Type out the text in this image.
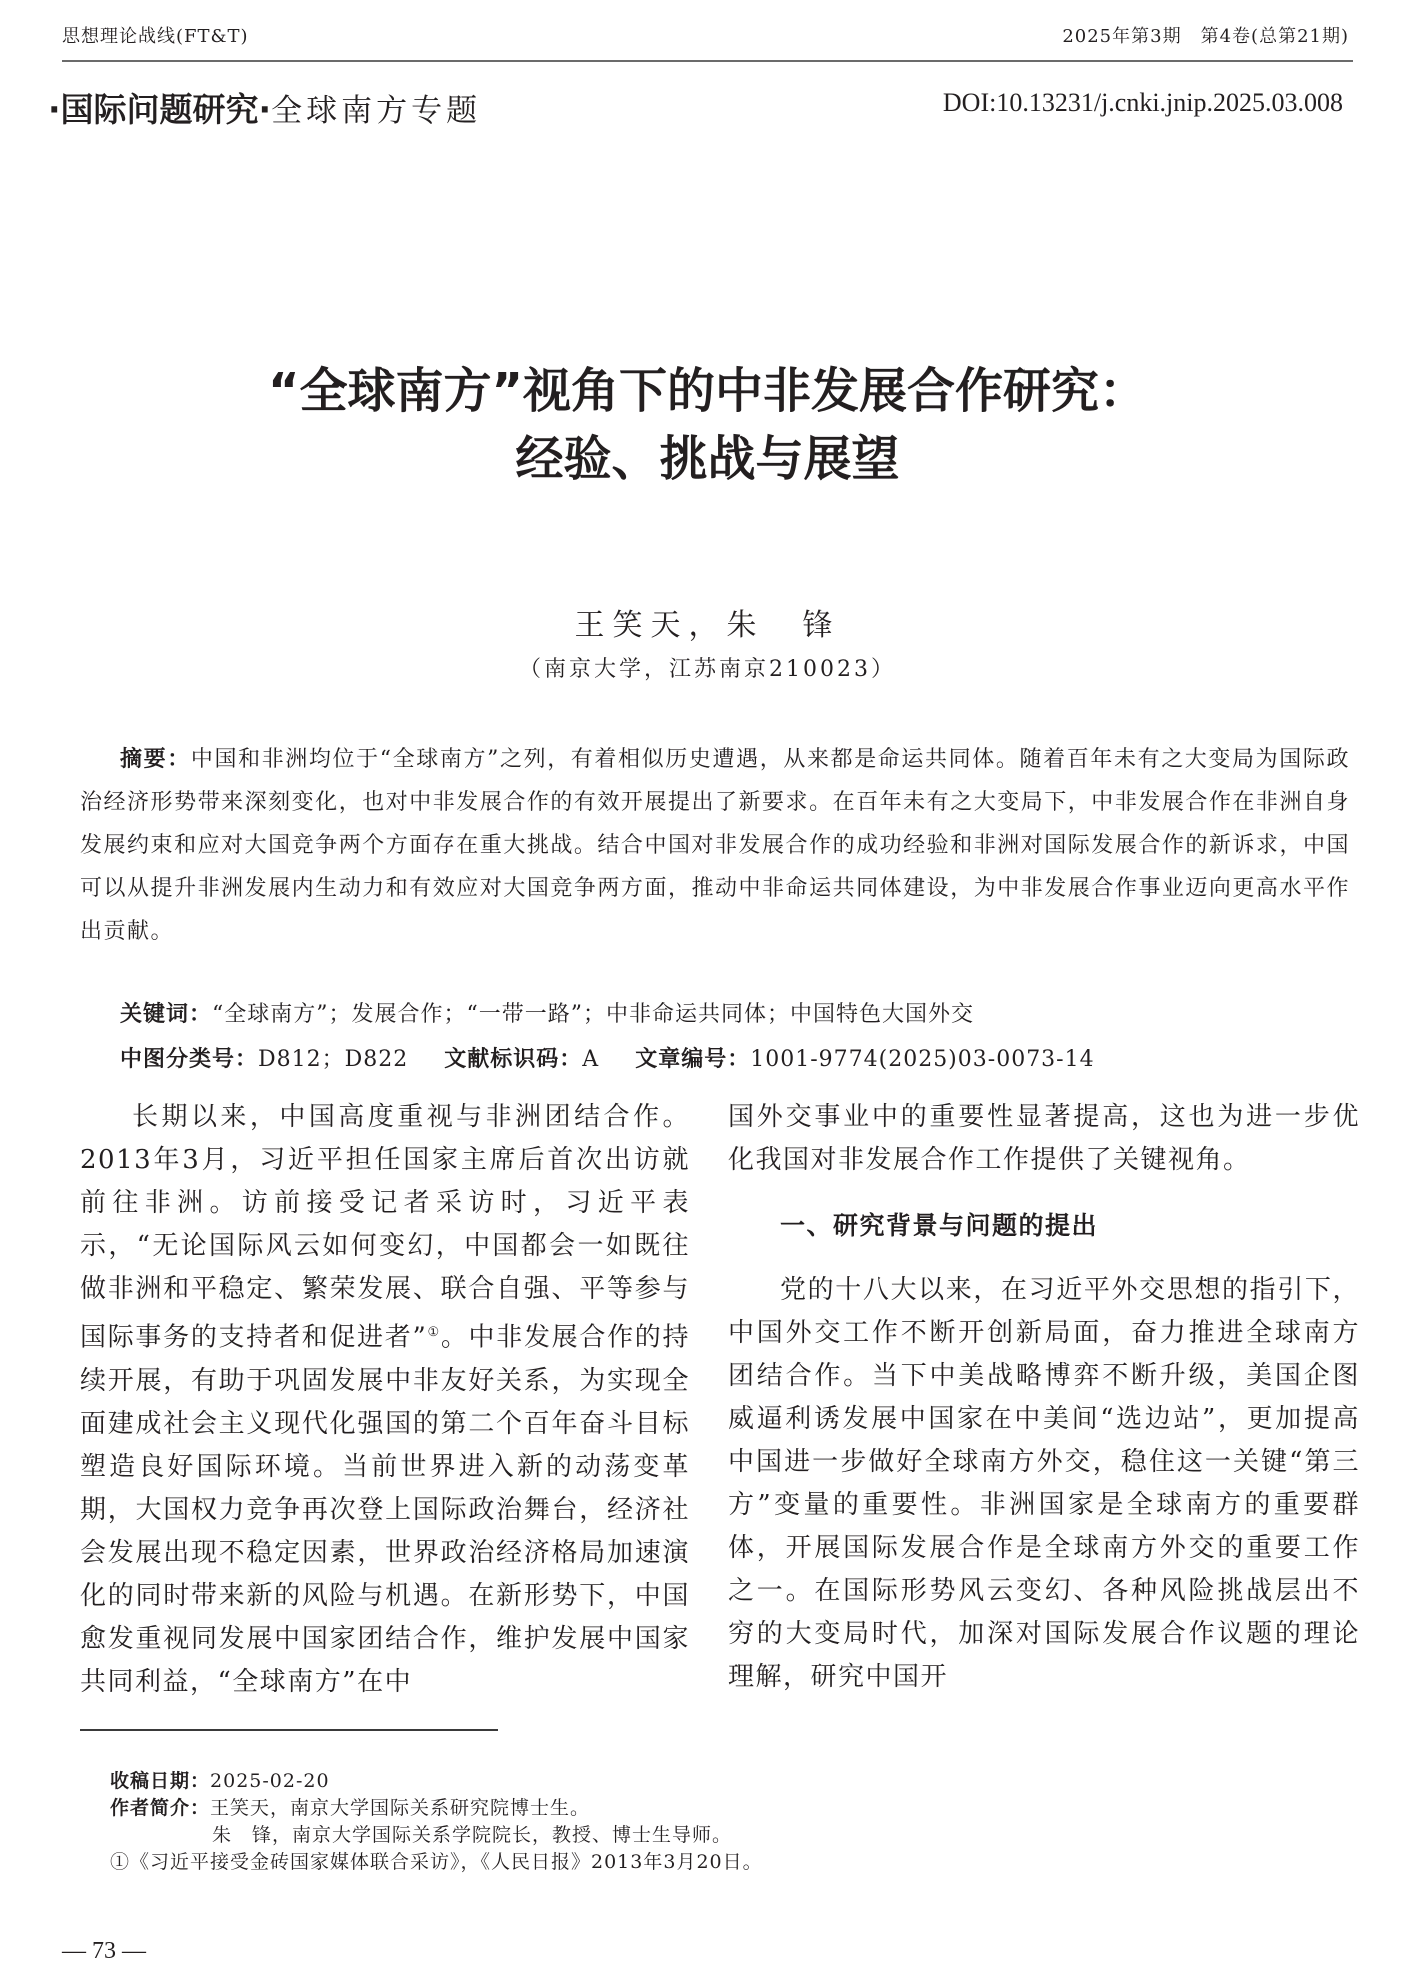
思想理论战线(FT&T)	2025年第3期　第4卷(总第21期)
·国际问题研究·全球南方专题	DOI:10.13231/j.cnki.jnip.2025.03.008
“全球南方”视角下的中非发展合作研究：
经验、挑战与展望
王笑天，朱　锋
（南京大学，江苏南京210023）

摘要：中国和非洲均位于“全球南方”之列，有着相似历史遭遇，从来都是命运共同体。随着百年未有之大变局为国际政治经济形势带来深刻变化，也对中非发展合作的有效开展提出了新要求。在百年未有之大变局下，中非发展合作在非洲自身发展约束和应对大国竞争两个方面存在重大挑战。结合中国对非发展合作的成功经验和非洲对国际发展合作的新诉求，中国可以从提升非洲发展内生动力和有效应对大国竞争两方面，推动中非命运共同体建设，为中非发展合作事业迈向更高水平作出贡献。

关键词：“全球南方”；发展合作；“一带一路”；中非命运共同体；中国特色大国外交
中图分类号：D812；D822 文献标识码：A 文章编号：1001-9774(2025)03-0073-14

长期以来，中国高度重视与非洲团结合作。2013年3月，习近平担任国家主席后首次出访就前往非洲。访前接受记者采访时，习近平表示，“无论国际风云如何变幻，中国都会一如既往做非洲和平稳定、繁荣发展、联合自强、平等参与国际事务的支持者和促进者”①。中非发展合作的持续开展，有助于巩固发展中非友好关系，为实现全面建成社会主义现代化强国的第二个百年奋斗目标塑造良好国际环境。当前世界进入新的动荡变革期，大国权力竞争再次登上国际政治舞台，经济社会发展出现不稳定因素，世界政治经济格局加速演化的同时带来新的风险与机遇。在新形势下，中国愈发重视同发展中国家团结合作，维护发展中国家共同利益，“全球南方”在中

国外交事业中的重要性显著提高，这也为进一步优化我国对非发展合作工作提供了关键视角。

一、研究背景与问题的提出

党的十八大以来，在习近平外交思想的指引下，中国外交工作不断开创新局面，奋力推进全球南方团结合作。当下中美战略博弈不断升级，美国企图威逼利诱发展中国家在中美间“选边站”，更加提高中国进一步做好全球南方外交，稳住这一关键“第三方”变量的重要性。非洲国家是全球南方的重要群体，开展国际发展合作是全球南方外交的重要工作之一。在国际形势风云变幻、各种风险挑战层出不穷的大变局时代，加深对国际发展合作议题的理论理解，研究中国开

收稿日期：2025-02-20
作者简介：王笑天，南京大学国际关系研究院博士生。
朱　锋，南京大学国际关系学院院长，教授、博士生导师。
①《习近平接受金砖国家媒体联合采访》，《人民日报》2013年3月20日。
— 73 —
